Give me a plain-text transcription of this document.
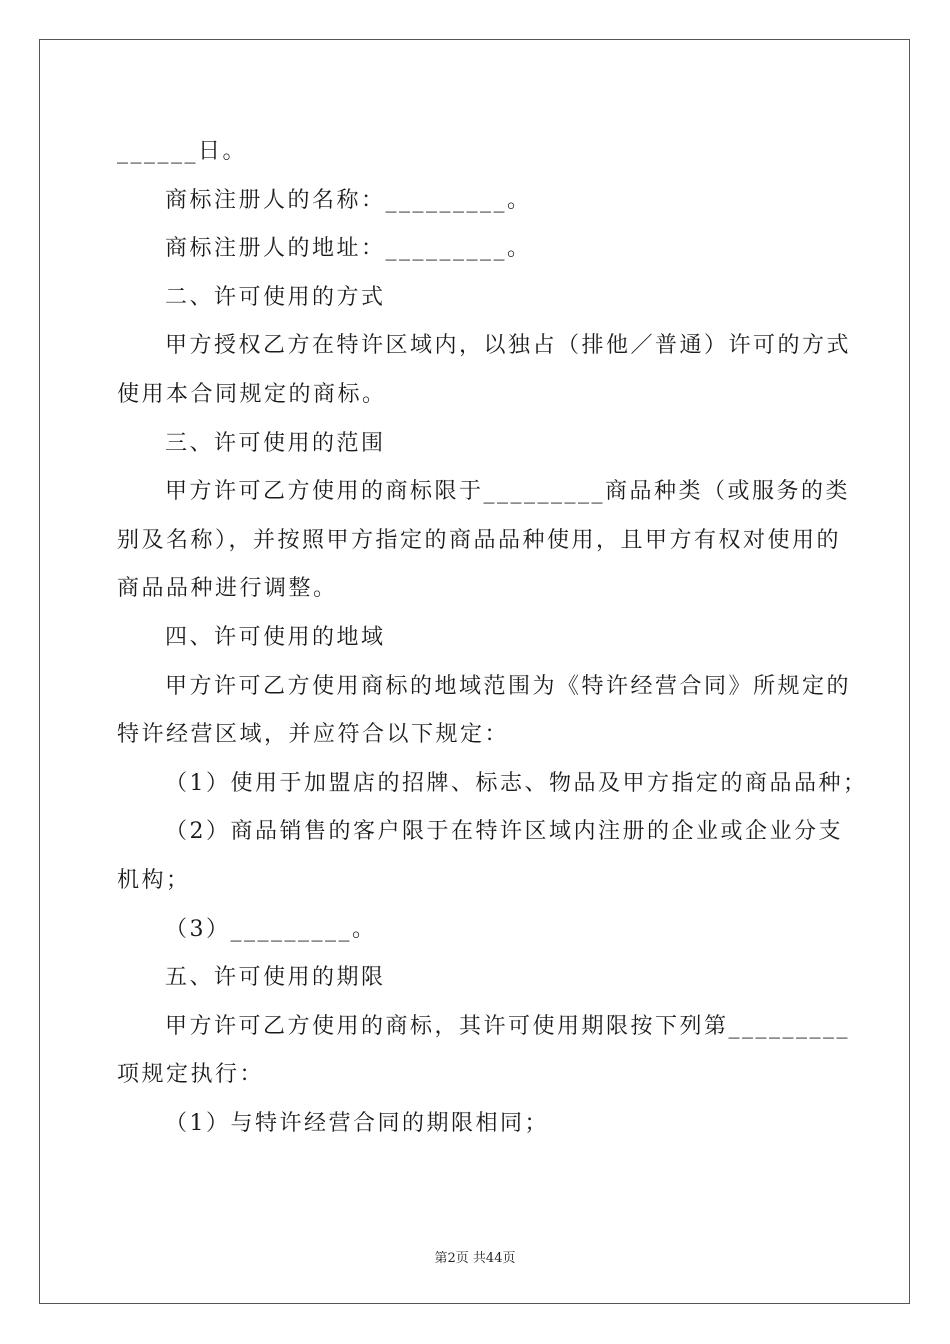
______日。
商标注册人的名称：_________。
商标注册人的地址：_________。
二、许可使用的方式
甲方授权乙方在特许区域内，以独占（排他／普通）许可的方式
使用本合同规定的商标。
三、许可使用的范围
甲方许可乙方使用的商标限于_________商品种类（或服务的类
别及名称），并按照甲方指定的商品品种使用，且甲方有权对使用的
商品品种进行调整。
四、许可使用的地域
甲方许可乙方使用商标的地域范围为《特许经营合同》所规定的
特许经营区域，并应符合以下规定：
（1）使用于加盟店的招牌、标志、物品及甲方指定的商品品种；
（2）商品销售的客户限于在特许区域内注册的企业或企业分支
机构；
（3）_________。
五、许可使用的期限
甲方许可乙方使用的商标，其许可使用期限按下列第_________
项规定执行：
（1）与特许经营合同的期限相同；
第2页 共44页
